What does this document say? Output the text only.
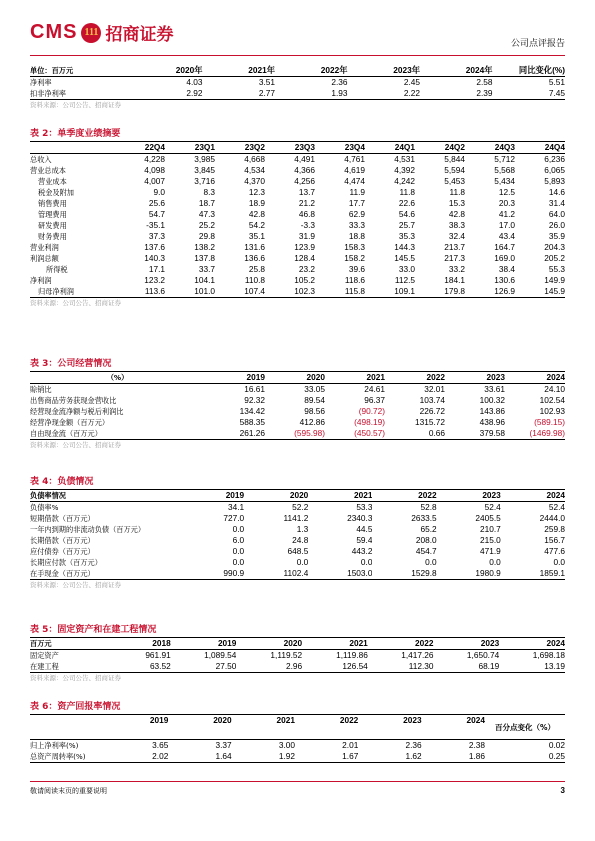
CMS 111 招商证券	公司点评报告
单位：百万元	2020年	2021年	2022年	2023年	2024年	同比变化(%)
净利率	4.03	3.51	2.36	2.45	2.58	5.51
扣非净利率	2.92	2.77	1.93	2.22	2.39	7.45
资料来源：公司公告、招商证券
表 2：单季度业绩摘要
	22Q4	23Q1	23Q2	23Q3	23Q4	24Q1	24Q2	24Q3	24Q4
总收入	4,228	3,985	4,668	4,491	4,761	4,531	5,844	5,712	6,236
营业总成本	4,098	3,845	4,534	4,366	4,619	4,392	5,594	5,568	6,065
营业成本	4,007	3,716	4,370	4,256	4,474	4,242	5,453	5,434	5,893
税金及附加	9.0	8.3	12.3	13.7	11.9	11.8	11.8	12.5	14.6
销售费用	25.6	18.7	18.9	21.2	17.7	22.6	15.3	20.3	31.4
管理费用	54.7	47.3	42.8	46.8	62.9	54.6	42.8	41.2	64.0
研发费用	-35.1	25.2	54.2	-3.3	33.3	25.7	38.3	17.0	26.0
财务费用	37.3	29.8	35.1	31.9	18.8	35.3	32.4	43.4	35.9
营业利润	137.6	138.2	131.6	123.9	158.3	144.3	213.7	164.7	204.3
利润总额	140.3	137.8	136.6	128.4	158.2	145.5	217.3	169.0	205.2
所得税	17.1	33.7	25.8	23.2	39.6	33.0	33.2	38.4	55.3
净利润	123.2	104.1	110.8	105.2	118.6	112.5	184.1	130.6	149.9
归母净利润	113.6	101.0	107.4	102.3	115.8	109.1	179.8	126.9	145.9
资料来源：公司公告、招商证券
表 3：公司经营情况
（%）	2019	2020	2021	2022	2023	2024
賒销比	16.61	33.05	24.61	32.01	33.61	24.10
出售商品劳务获现金营收比	92.32	89.54	96.37	103.74	100.32	102.54
经营现金流净额与税后利润比	134.42	98.56	(90.72)	226.72	143.86	102.93
经营净现金额（百万元）	588.35	412.86	(498.19)	1315.72	438.96	(589.15)
自由现金流（百万元）	261.26	(595.98)	(450.57)	0.66	379.58	(1469.98)
资料来源：公司公告、招商证券
表 4：负债情况
负债率情况	2019	2020	2021	2022	2023	2024
负债率%	34.1	52.2	53.3	52.8	52.4	52.4
短期借款（百万元）	727.0	1141.2	2340.3	2633.5	2405.5	2444.0
一年内到期的非流动负债（百万元）	0.0	1.3	44.5	65.2	210.7	259.8
长期借款（百万元）	6.0	24.8	59.4	208.0	215.0	156.7
应付债券（百万元）	0.0	648.5	443.2	454.7	471.9	477.6
长期应付款（百万元）	0.0	0.0	0.0	0.0	0.0	0.0
在手现金（百万元）	990.9	1102.4	1503.0	1529.8	1980.9	1859.1
资料来源：公司公告、招商证券
表 5：固定资产和在建工程情况
百万元	2018	2019	2020	2021	2022	2023	2024
固定资产	961.91	1,089.54	1,119.52	1,119.86	1,417.26	1,650.74	1,698.18
在建工程	63.52	27.50	2.96	126.54	112.30	68.19	13.19
资料来源：公司公告、招商证券
表 6：资产回报率情况
	2019	2020	2021	2022	2023	2024	百分点变化（%）
归上净利率(%)	3.65	3.37	3.00	2.01	2.36	2.38	0.02
总资产周转率(%)	2.02	1.64	1.92	1.67	1.62	1.86	0.25
敬请阅读末页的重要说明	3
